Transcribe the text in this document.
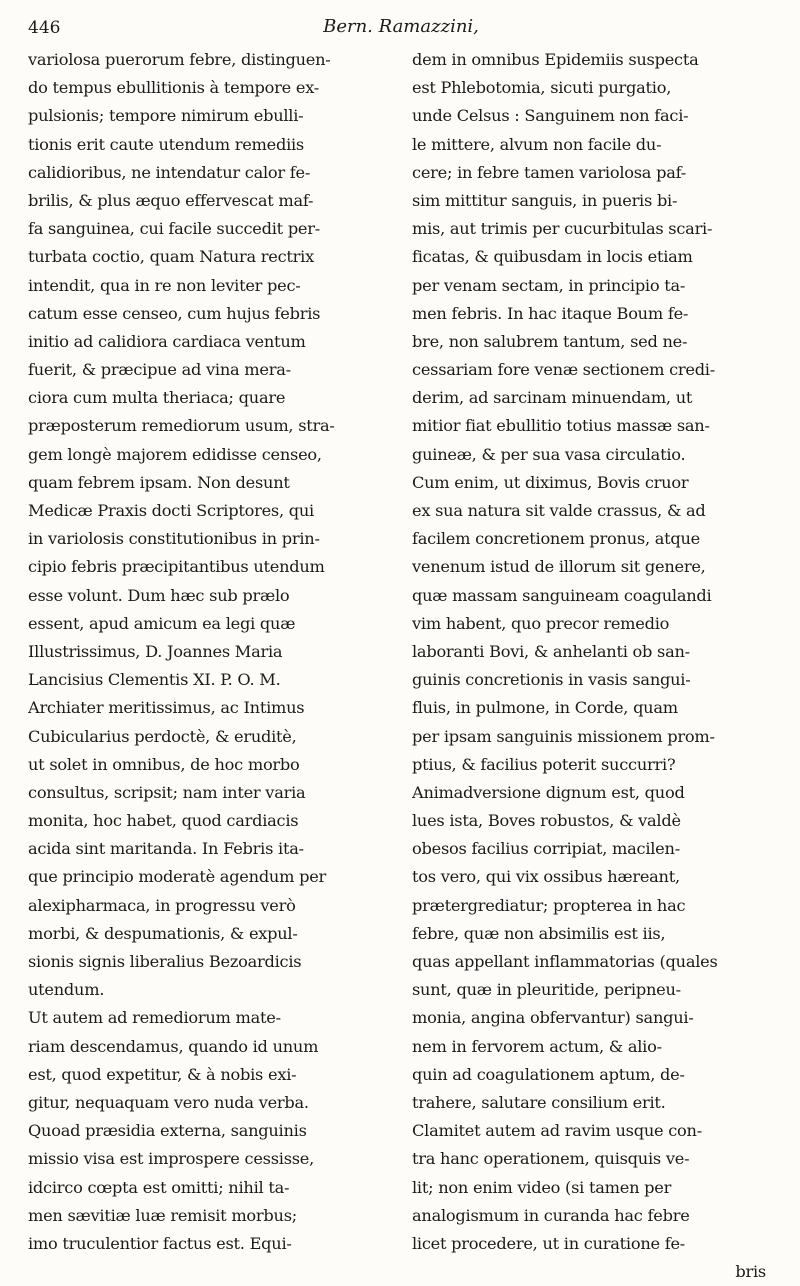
446	Bern. Ramazzini,
variolosa puerorum febre, distinguen-
do tempus ebullitionis à tempore ex-
pulsionis; tempore nimirum ebulli-
tionis erit caute utendum remediis
calidioribus, ne intendatur calor fe-
brilis, & plus æquo effervescat maf-
fa sanguinea, cui facile succedit per-
turbata coctio, quam Natura rectrix
intendit, qua in re non leviter pec-
catum esse censeo, cum hujus febris
initio ad calidiora cardiaca ventum
fuerit, & præcipue ad vina mera-
ciora cum multa theriaca; quare
præposterum remediorum usum, stra-
gem longè majorem edidisse censeo,
quam febrem ipsam. Non desunt
Medicæ Praxis docti Scriptores, qui
in variolosis constitutionibus in prin-
cipio febris præcipitantibus utendum
esse volunt. Dum hæc sub prælo
essent, apud amicum ea legi quæ
Illustrissimus, D. Joannes Maria
Lancisius Clementis XI. P. O. M.
Archiater meritissimus, ac Intimus
Cubicularius perdoctè, & eruditè,
ut solet in omnibus, de hoc morbo
consultus, scripsit; nam inter varia
monita, hoc habet, quod cardiacis
acida sint maritanda. In Febris ita-
que principio moderatè agendum per
alexipharmaca, in progressu verò
morbi, & despumationis, & expul-
sionis signis liberalius Bezoardicis
utendum.
Ut autem ad remediorum mate-
riam descendamus, quando id unum
est, quod expetitur, & à nobis exi-
gitur, nequaquam vero nuda verba.
Quoad præsidia externa, sanguinis
missio visa est improspere cessisse,
idcirco cœpta est omitti; nihil ta-
men sævitiæ luæ remisit morbus;
imo truculentior factus est. Equi-
dem in omnibus Epidemiis suspecta
est Phlebotomia, sicuti purgatio,
unde Celsus : Sanguinem non faci-
le mittere, alvum non facile du-
cere; in febre tamen variolosa paf-
sim mittitur sanguis, in pueris bi-
mis, aut trimis per cucurbitulas scari-
ficatas, & quibusdam in locis etiam
per venam sectam, in principio ta-
men febris. In hac itaque Boum fe-
bre, non salubrem tantum, sed ne-
cessariam fore venæ sectionem credi-
derim, ad sarcinam minuendam, ut
mitior fiat ebullitio totius massæ san-
guineæ, & per sua vasa circulatio.
Cum enim, ut diximus, Bovis cruor
ex sua natura sit valde crassus, & ad
facilem concretionem pronus, atque
venenum istud de illorum sit genere,
quæ massam sanguineam coagulandi
vim habent, quo precor remedio
laboranti Bovi, & anhelanti ob san-
guinis concretionis in vasis sangui-
fluis, in pulmone, in Corde, quam
per ipsam sanguinis missionem prom-
ptius, & facilius poterit succurri?
Animadversione dignum est, quod
lues ista, Boves robustos, & valdè
obesos facilius corripiat, macilen-
tos vero, qui vix ossibus hæreant,
prætergrediatur; propterea in hac
febre, quæ non absimilis est iis,
quas appellant inflammatorias (quales
sunt, quæ in pleuritide, peripneu-
monia, angina obfervantur) sangui-
nem in fervorem actum, & alio-
quin ad coagulationem aptum, de-
trahere, salutare consilium erit.
Clamitet autem ad ravim usque con-
tra hanc operationem, quisquis ve-
lit; non enim video (si tamen per
analogismum in curanda hac febre
licet procedere, ut in curatione fe-
bris
